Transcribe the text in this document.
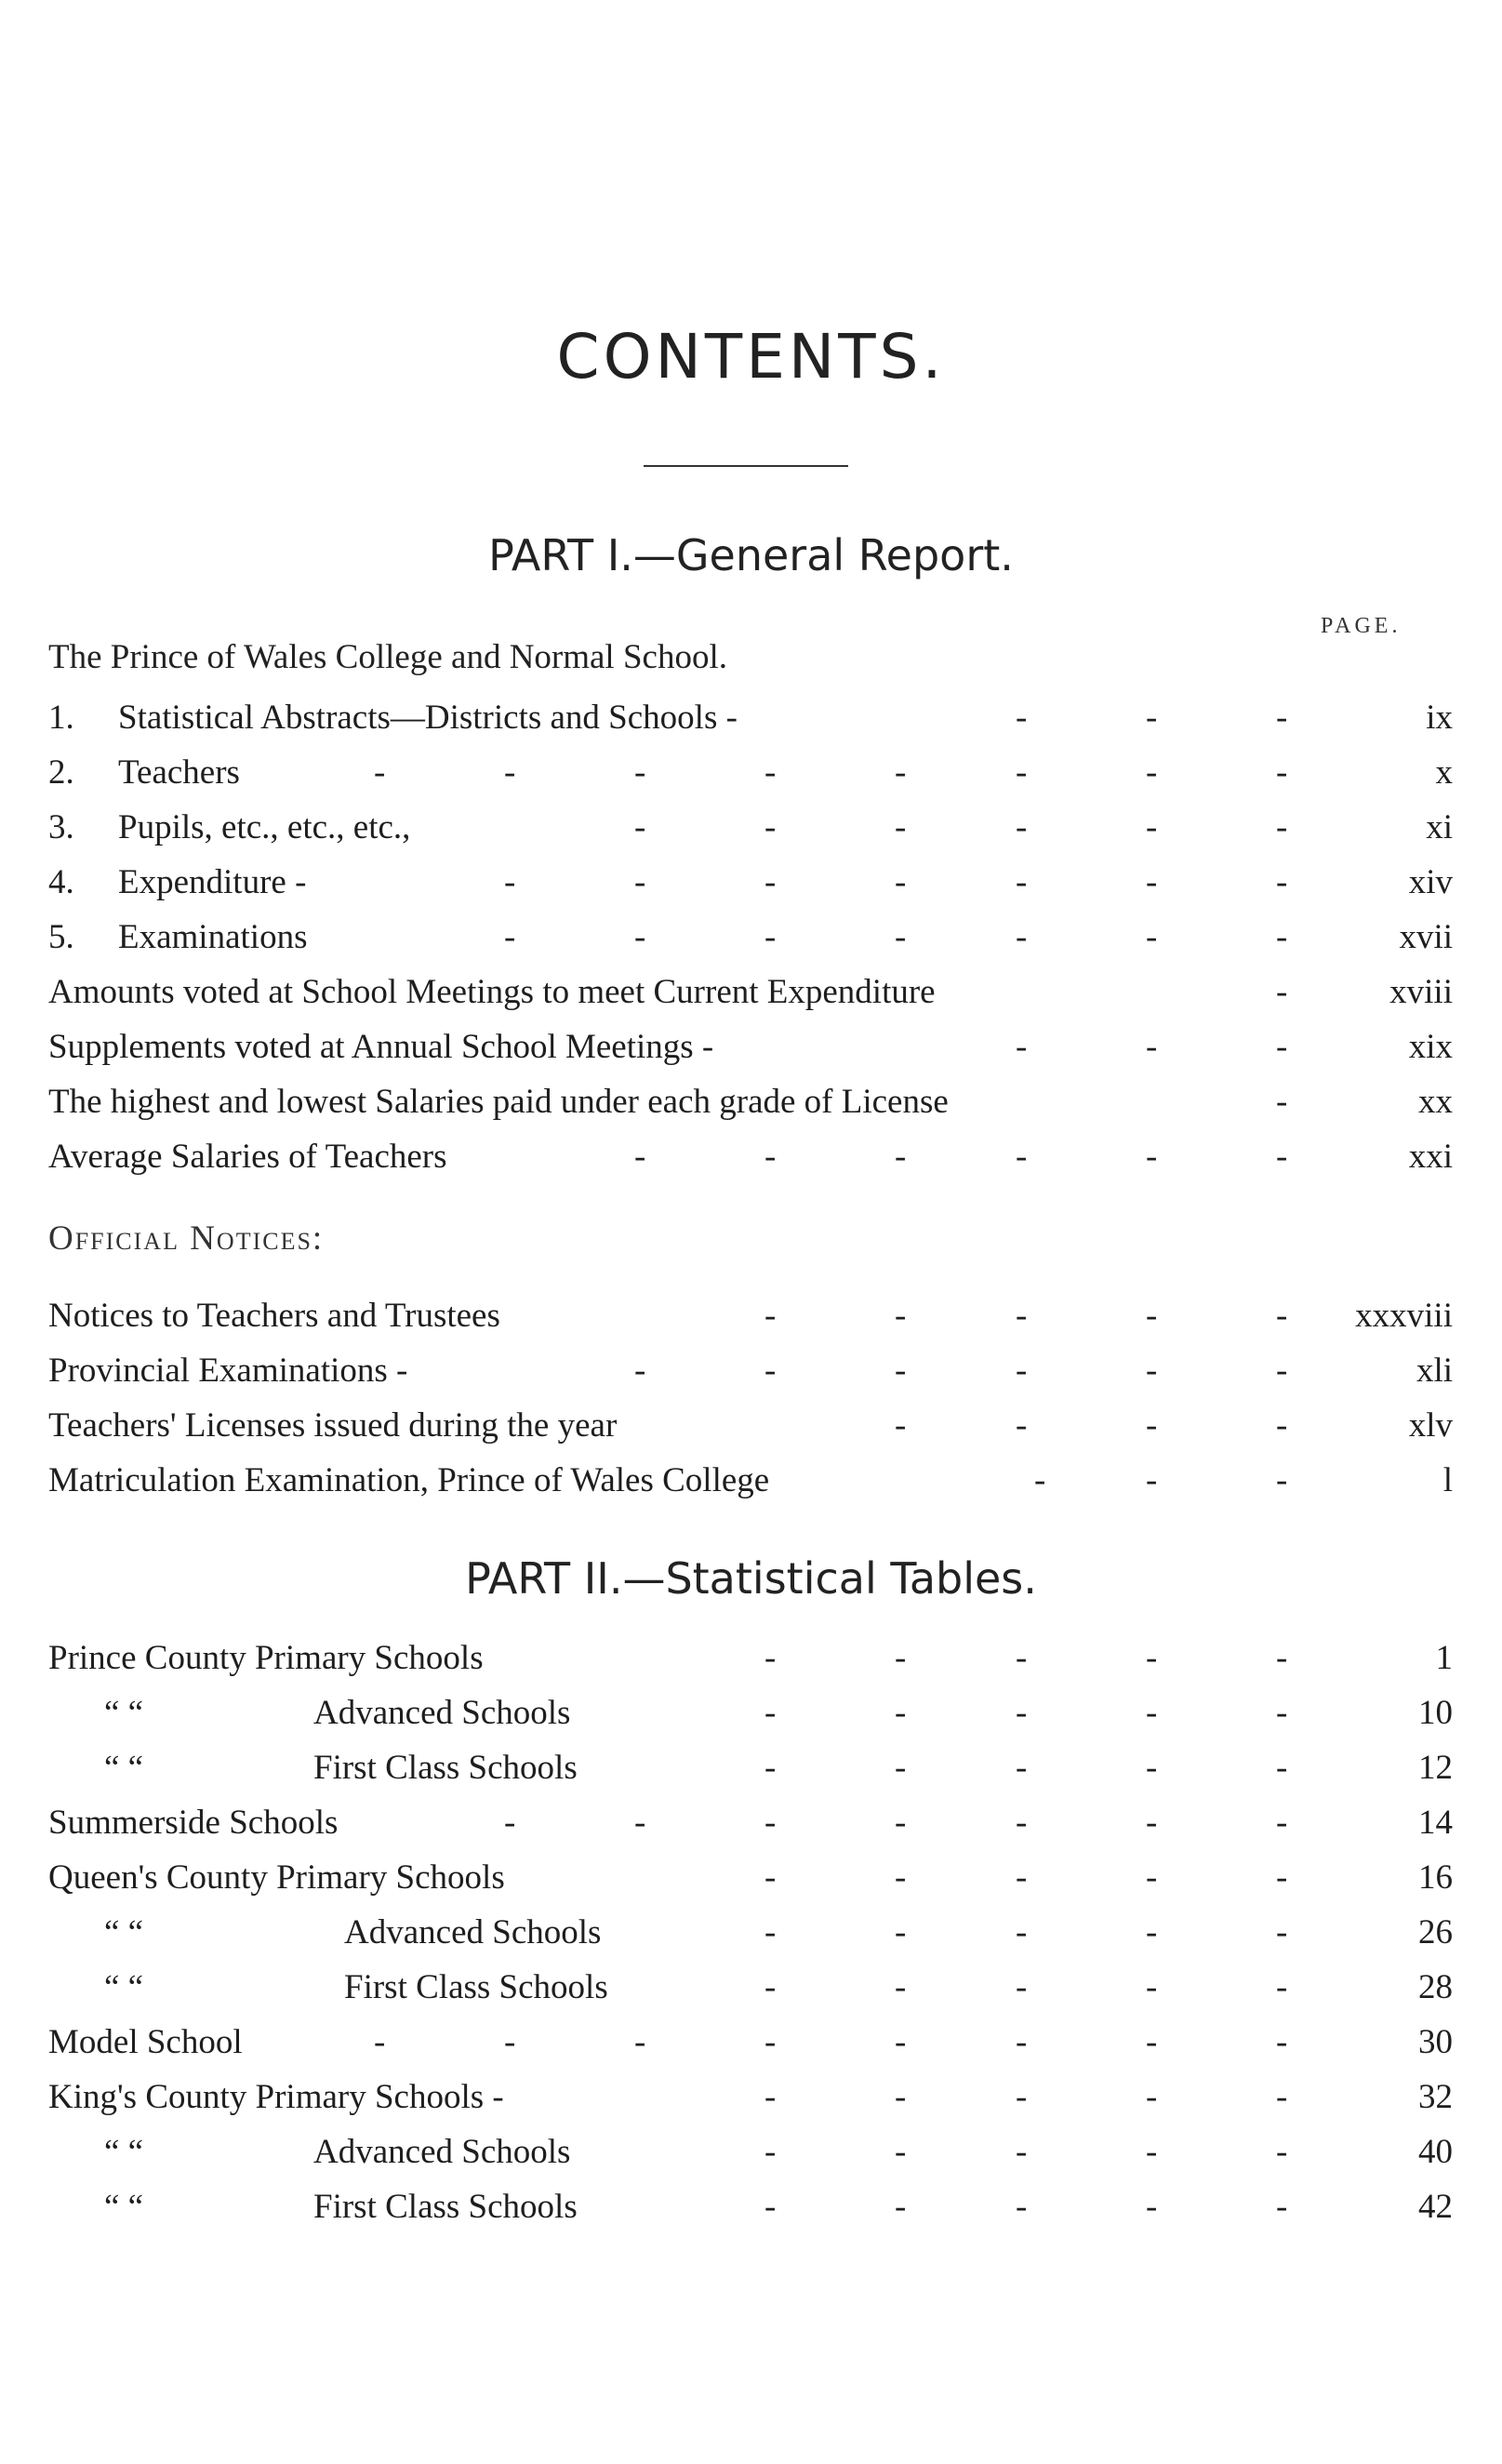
CONTENTS.
PART I.—General Report.
PAGE.
The Prince of Wales College and Normal School.
1. Statistical Abstracts—Districts and Schools -	-	-	-	ix
2. Teachers	-	-	-	-	-	-	-	-	x
3. Pupils, etc., etc., etc.,	-	-	-	-	-	-	xi
4. Expenditure -	-	-	-	-	-	-	-	xiv
5. Examinations	-	-	-	-	-	-	-	xvii
Amounts voted at School Meetings to meet Current Expenditure	-	xviii
Supplements voted at Annual School Meetings -	-	-	-	xix
The highest and lowest Salaries paid under each grade of License	-	xx
Average Salaries of Teachers	-	-	-	-	-	-	xxi
Official Notices:
Notices to Teachers and Trustees	-	-	-	-	- xxxviii
Provincial Examinations -	-	-	-	-	-	-	xli
Teachers' Licenses issued during the year	-	-	-	-	xlv
Matriculation Examination, Prince of Wales College	-	-	-	l
PART II.—Statistical Tables.
Prince County Primary Schools	-	-	-	-	-	1
“ “	Advanced Schools	-	-	-	-	-	10
“ “	First Class Schools	-	-	-	-	-	12
Summerside Schools	-	-	-	-	-	-	-	14
Queen's County Primary Schools	-	-	-	-	-	16
“ “	Advanced Schools	-	-	-	-	-	26
“ “	First Class Schools	-	-	-	-	-	28
Model School	-	-	-	-	-	-	-	-	30
King's County Primary Schools -	-	-	-	-	-	32
“ “	Advanced Schools	-	-	-	-	-	40
“ “	First Class Schools	-	-	-	-	-	42
